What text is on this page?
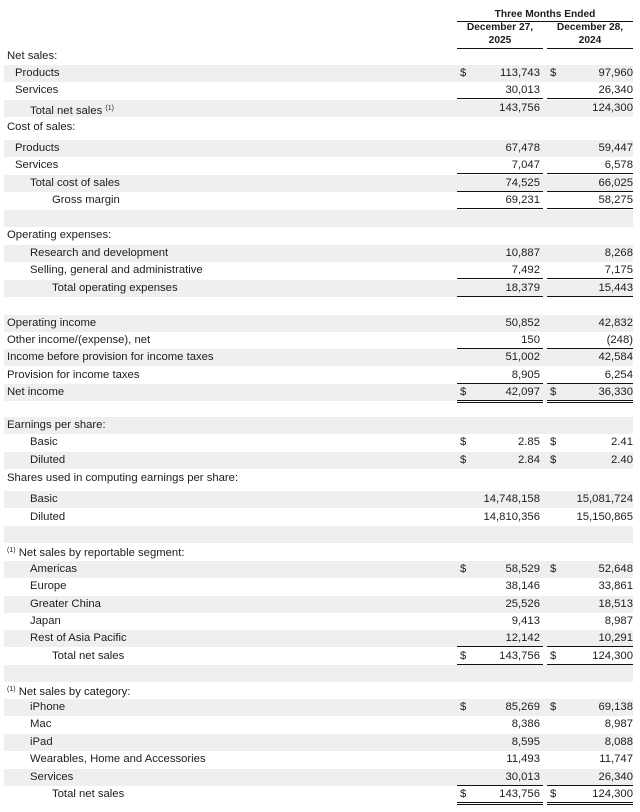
Three Months Ended
December 27, 2025
December 28, 2024
Net sales:
Products	$	113,743 $	97,960
Services	30,013	26,340
Total net sales $^{(1)}$	143,756	124,300
Cost of sales:
Products	67,478	59,447
Services	7,047	6,578
Total cost of sales	74,525	66,025
Gross margin	69,231	58,275
Operating expenses:
Research and development	10,887	8,268
Selling, general and administrative	7,492	7,175
Total operating expenses	18,379	15,443
Operating income	50,852	42,832
Other income/(expense), net	150	(248)
Income before provision for income taxes	51,002	42,584
Provision for income taxes	8,905	6,254
Net income	$	42,097 $	36,330
Earnings per share:
Basic	$	2.85 $	2.41
Diluted	$	2.84 $	2.40
Shares used in computing earnings per share:
Basic	14,748,158	15,081,724
Diluted	14,810,356	15,150,865
$^{(1)}$ Net sales by reportable segment:
Americas	$	58,529 $	52,648
Europe	38,146	33,861
Greater China	25,526	18,513
Japan	9,413	8,987
Rest of Asia Pacific	12,142	10,291
Total net sales	$	143,756 $	124,300
$^{(1)}$ Net sales by category:
iPhone	$	85,269 $	69,138
Mac	8,386	8,987
iPad	8,595	8,088
Wearables, Home and Accessories	11,493	11,747
Services	30,013	26,340
Total net sales	$	143,756 $	124,300
